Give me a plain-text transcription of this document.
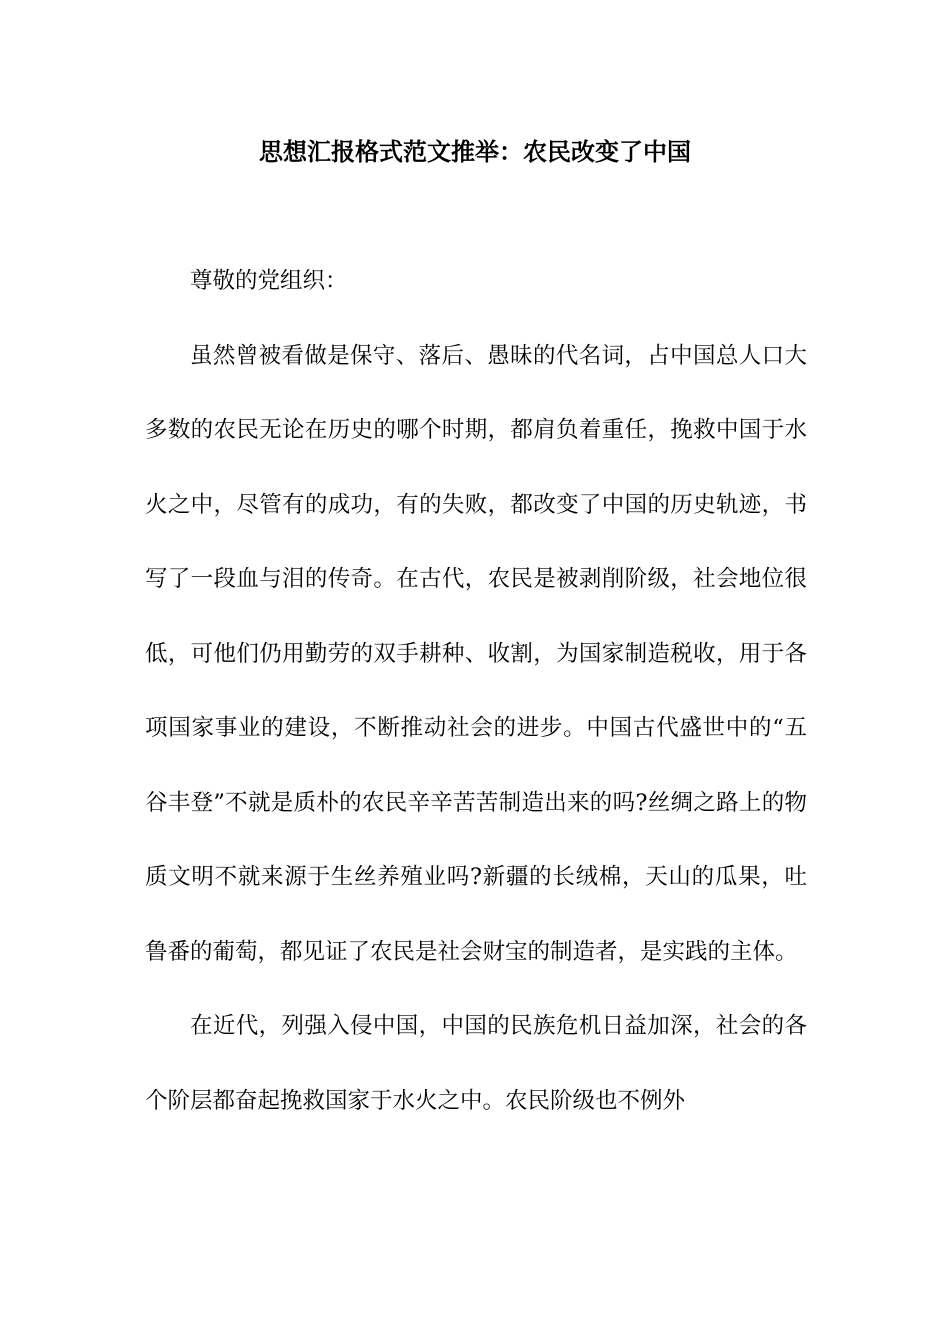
思想汇报格式范文推举：农民改变了中国

尊敬的党组织：

虽然曾被看做是保守、落后、愚昧的代名词，占中国总人口大多数的农民无论在历史的哪个时期，都肩负着重任，挽救中国于水火之中，尽管有的成功，有的失败，都改变了中国的历史轨迹，书写了一段血与泪的传奇。在古代，农民是被剥削阶级，社会地位很低，可他们仍用勤劳的双手耕种、收割，为国家制造税收，用于各项国家事业的建设，不断推动社会的进步。中国古代盛世中的“五谷丰登”不就是质朴的农民辛辛苦苦制造出来的吗?丝绸之路上的物质文明不就来源于生丝养殖业吗?新疆的长绒棉，天山的瓜果，吐鲁番的葡萄，都见证了农民是社会财宝的制造者，是实践的主体。

在近代，列强入侵中国，中国的民族危机日益加深，社会的各个阶层都奋起挽救国家于水火之中。农民阶级也不例外
